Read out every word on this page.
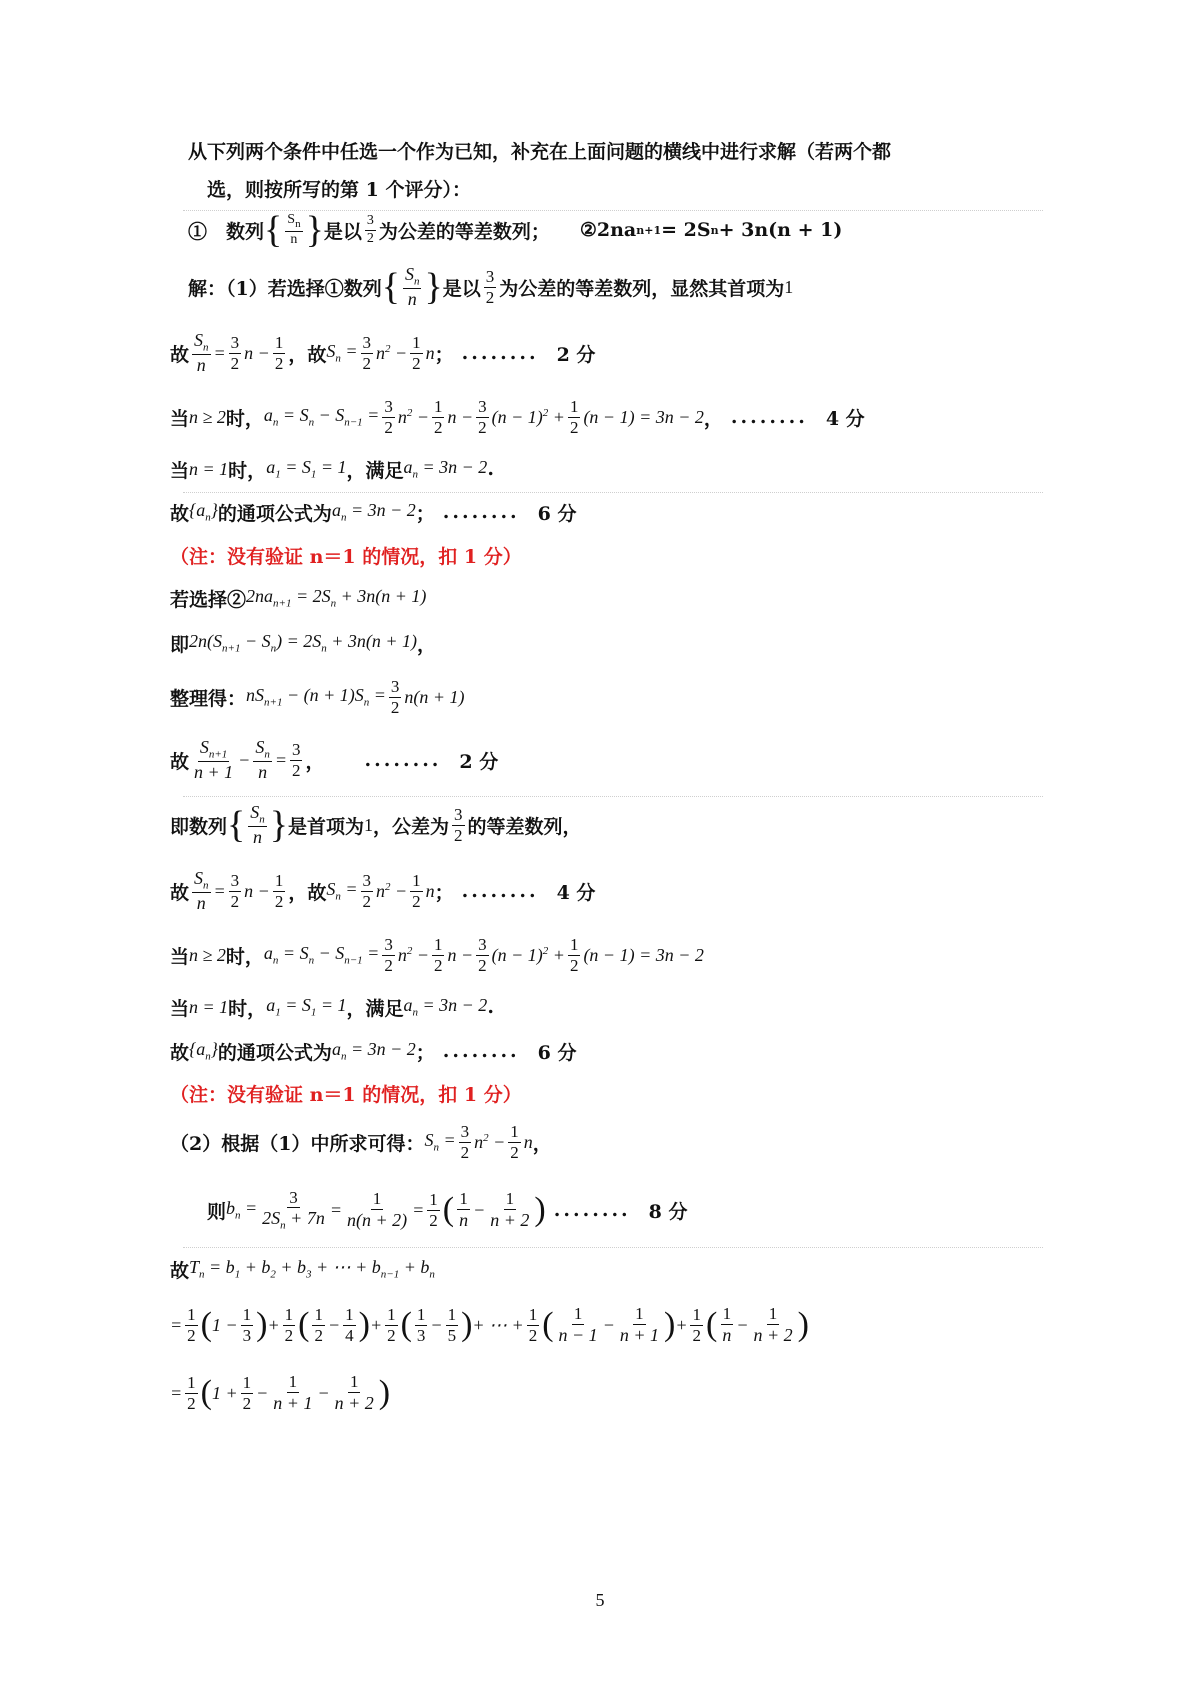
从下列两个条件中任选一个作为已知，补充在上面问题的横线中进行求解（若两个都
选，则按所写的第 1 个评分）：
①　数列 { $\frac{S_n}{n}$ } 是以 $\frac{3}{2}$ 为公差的等差数列； ②2na n+1 = 2S n + 3n(n + 1)
解：（1）若选择①数列 { $\frac{S_n}{n}$ } 是以 $\frac{3}{2}$ 为公差的等差数列，显然其首项为 1
故 $\frac{S_n}{n} = \frac{3}{2}$ $n - \frac{1}{2}$ ，故 $S_n = \frac{3}{2} n^2 - \frac{1}{2}$ n ； ........ 2 分
当 n ≥ 2 时， $a_n = S_n - S_{n-1} = \frac{3}{2} n^2 - \frac{1}{2}$ $n - \frac{3}{2} (n - 1)^2 + \frac{1}{2} (n - 1) = 3n - 2$ ， ........ 4 分
当 n = 1 时， $a_1 = S_1 = 1$ ，满足 $a_n = 3n - 2$ .
故 $\{a_n\}$ 的通项公式为 $a_n = 3n - 2$ ； ........ 6 分
（注：没有验证 n＝1 的情况，扣 1 分）
若选择② $2na_{n+1} = 2S_n + 3n(n + 1)$
即 $2n(S_{n+1} - S_n) = 2S_n + 3n(n + 1)$ ，
整理得： $nS_{n+1} - (n + 1)S_n = \frac{3}{2} n(n + 1)$
故 $\frac{S_{n+1}}{n + 1} - \frac{S_n}{n} = \frac{3}{2}$ ， ........ 2 分
即数列 { $\frac{S_n}{n}$ } 是首项为 1 ，公差为 $\frac{3}{2}$ 的等差数列，
故 $\frac{S_n}{n} = \frac{3}{2}$ $n - \frac{1}{2}$ ，故 $S_n = \frac{3}{2} n^2 - \frac{1}{2}$ n ； ........ 4 分
当 n ≥ 2 时， $a_n = S_n - S_{n-1} = \frac{3}{2} n^2 - \frac{1}{2}$ $n - \frac{3}{2} (n - 1)^2 + \frac{1}{2} (n - 1) = 3n - 2$
当 n = 1 时， $a_1 = S_1 = 1$ ，满足 $a_n = 3n - 2$ .
故 $\{a_n\}$ 的通项公式为 $a_n = 3n - 2$ ； ........ 6 分
（注：没有验证 n＝1 的情况，扣 1 分）
（2）根据（1）中所求可得： $S_n = \frac{3}{2} n^2 - \frac{1}{2}$ n ，
则 $b_n = \frac{3}{2S_n + 7n} = \frac{1}{n(n + 2)} = \frac{1}{2}$ ( $\frac{1}{n} - \frac{1}{n + 2}$ ) ........ 8 分
故 $T_n = b_1 + b_2 + b_3$ + ⋯ + $b_{n-1} + b_n$
= $\frac{1}{2}$ ( $1 - \frac{1}{3}$ ) + $\frac{1}{2}$ ( $\frac{1}{2} - \frac{1}{4}$ ) + $\frac{1}{2}$ ( $\frac{1}{3} - \frac{1}{5}$ ) + ⋯ + $\frac{1}{2}$ ( $\frac{1}{n - 1} - \frac{1}{n + 1}$ ) + $\frac{1}{2}$ ( $\frac{1}{n} - \frac{1}{n + 2}$ )
= $\frac{1}{2}$ ( $1 + \frac{1}{2} - \frac{1}{n + 1} - \frac{1}{n + 2}$ )
5
